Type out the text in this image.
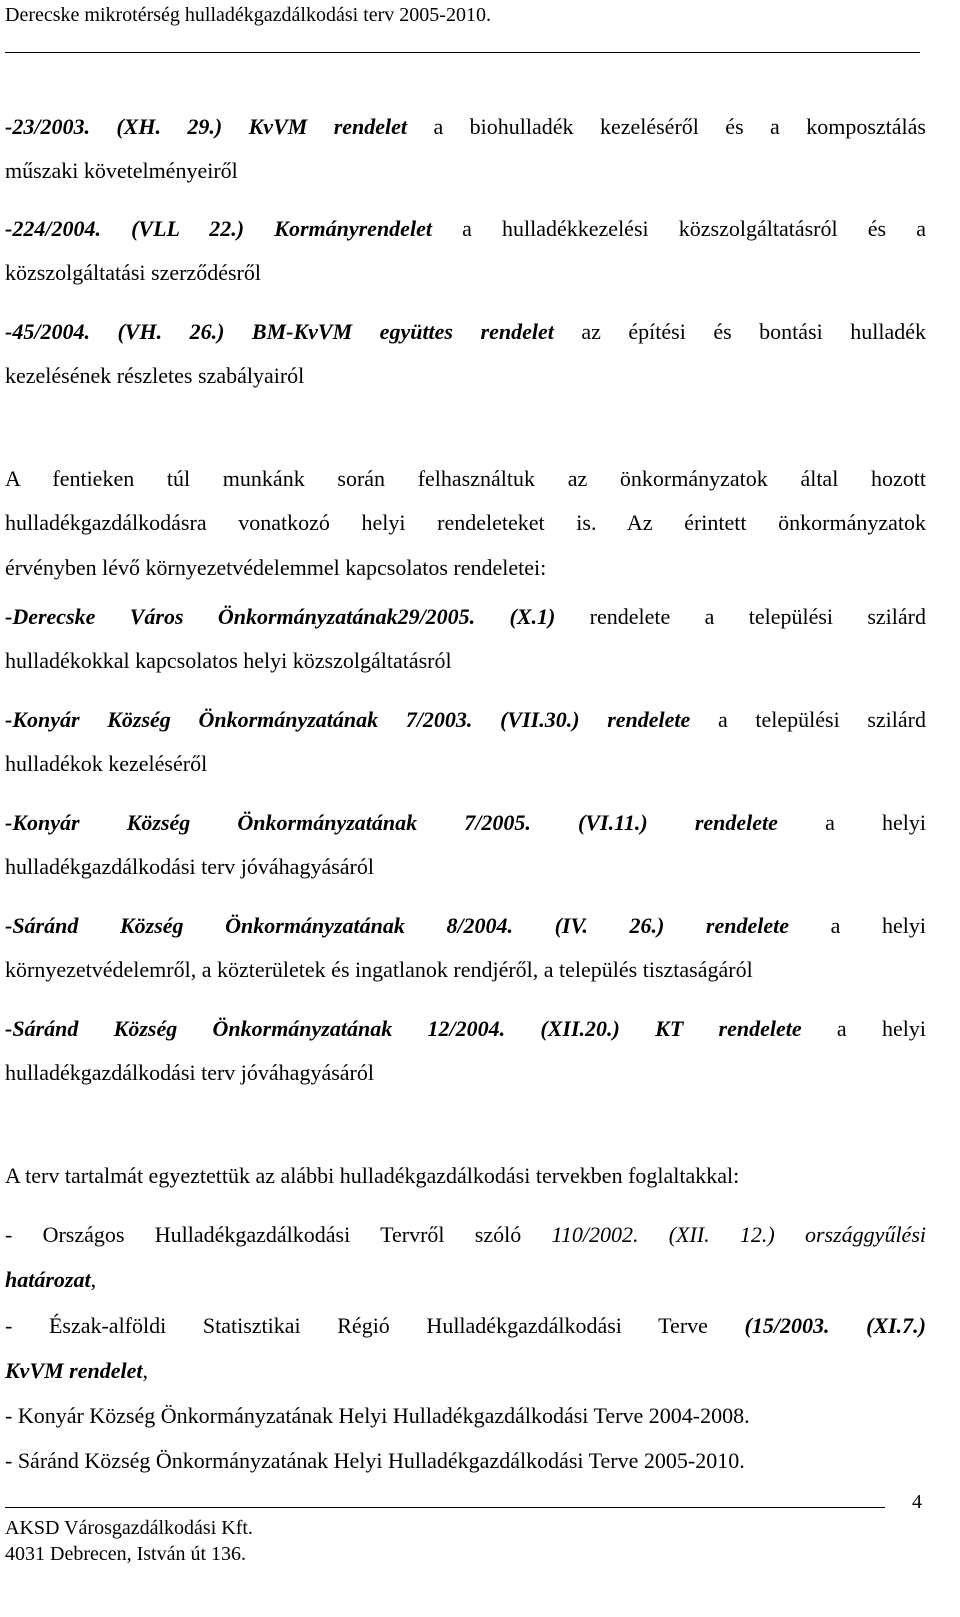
Derecske mikrotérség hulladékgazdálkodási terv 2005-2010.

-23/2003. (XH. 29.) KvVM rendelet a biohulladék kezeléséről és a komposztálás

műszaki követelményeiről

-224/2004. (VLL 22.) Kormányrendelet a hulladékkezelési közszolgáltatásról és a

közszolgáltatási szerződésről

-45/2004. (VH. 26.) BM-KvVM együttes rendelet az építési és bontási hulladék

kezelésének részletes szabályairól

A fentieken túl munkánk során felhasználtuk az önkormányzatok által hozott

hulladékgazdálkodásra vonatkozó helyi rendeleteket is. Az érintett önkormányzatok

érvényben lévő környezetvédelemmel kapcsolatos rendeletei:

-Derecske Város Önkormányzatának29/2005. (X.1) rendelete a települési szilárd

hulladékokkal kapcsolatos helyi közszolgáltatásról

-Konyár Község Önkormányzatának 7/2003. (VII.30.) rendelete a települési szilárd

hulladékok kezeléséről

-Konyár Község Önkormányzatának 7/2005. (VI.11.) rendelete a helyi

hulladékgazdálkodási terv jóváhagyásáról

-Sáránd Község Önkormányzatának 8/2004. (IV. 26.) rendelete a helyi

környezetvédelemről, a közterületek és ingatlanok rendjéről, a település tisztaságáról

-Sáránd Község Önkormányzatának 12/2004. (XII.20.) KT rendelete a helyi

hulladékgazdálkodási terv jóváhagyásáról

A terv tartalmát egyeztettük az alábbi hulladékgazdálkodási tervekben foglaltakkal:

- Országos Hulladékgazdálkodási Tervről szóló 110/2002. (XII. 12.) országgyűlési

határozat,

- Észak-alföldi Statisztikai Régió Hulladékgazdálkodási Terve (15/2003. (XI.7.)

KvVM rendelet,

- Konyár Község Önkormányzatának Helyi Hulladékgazdálkodási Terve 2004-2008.

- Sáránd Község Önkormányzatának Helyi Hulladékgazdálkodási Terve 2005-2010.

4
AKSD Városgazdálkodási Kft.
4031 Debrecen, István út 136.
